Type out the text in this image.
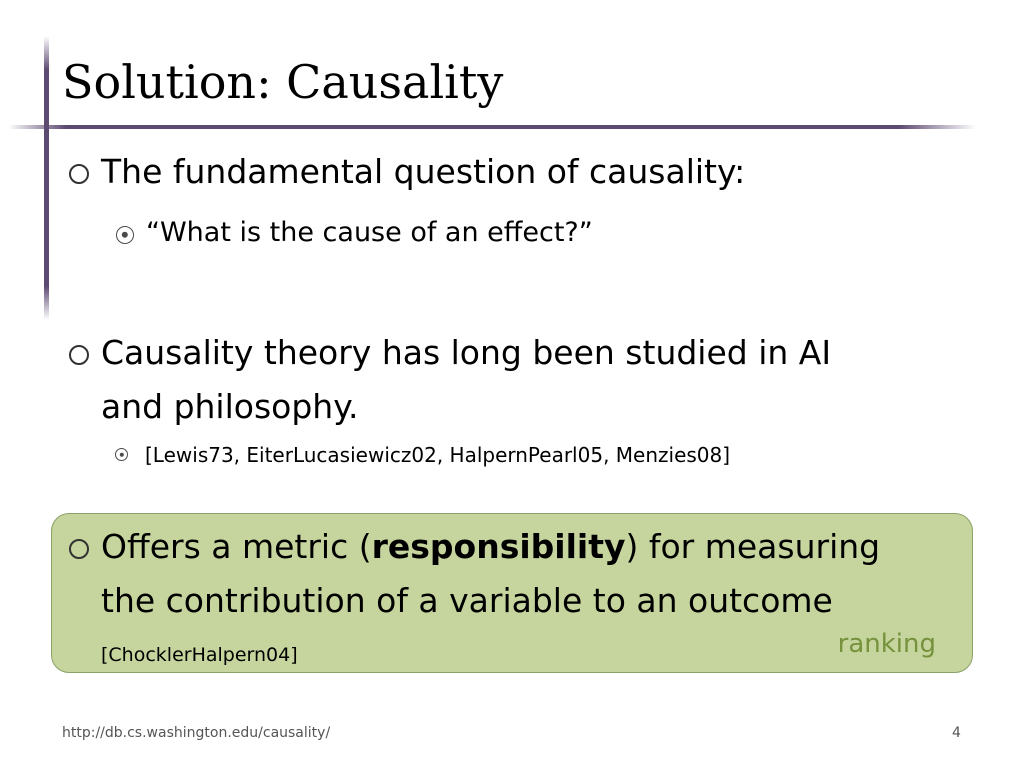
Solution: Causality
The fundamental question of causality:
“What is the cause of an effect?”
Causality theory has long been studied in AI
and philosophy.
[Lewis73, EiterLucasiewicz02, HalpernPearl05, Menzies08]
Offers a metric (responsibility) for measuring
the contribution of a variable to an outcome
[ChocklerHalpern04]	ranking
http://db.cs.washington.edu/causality/	4
